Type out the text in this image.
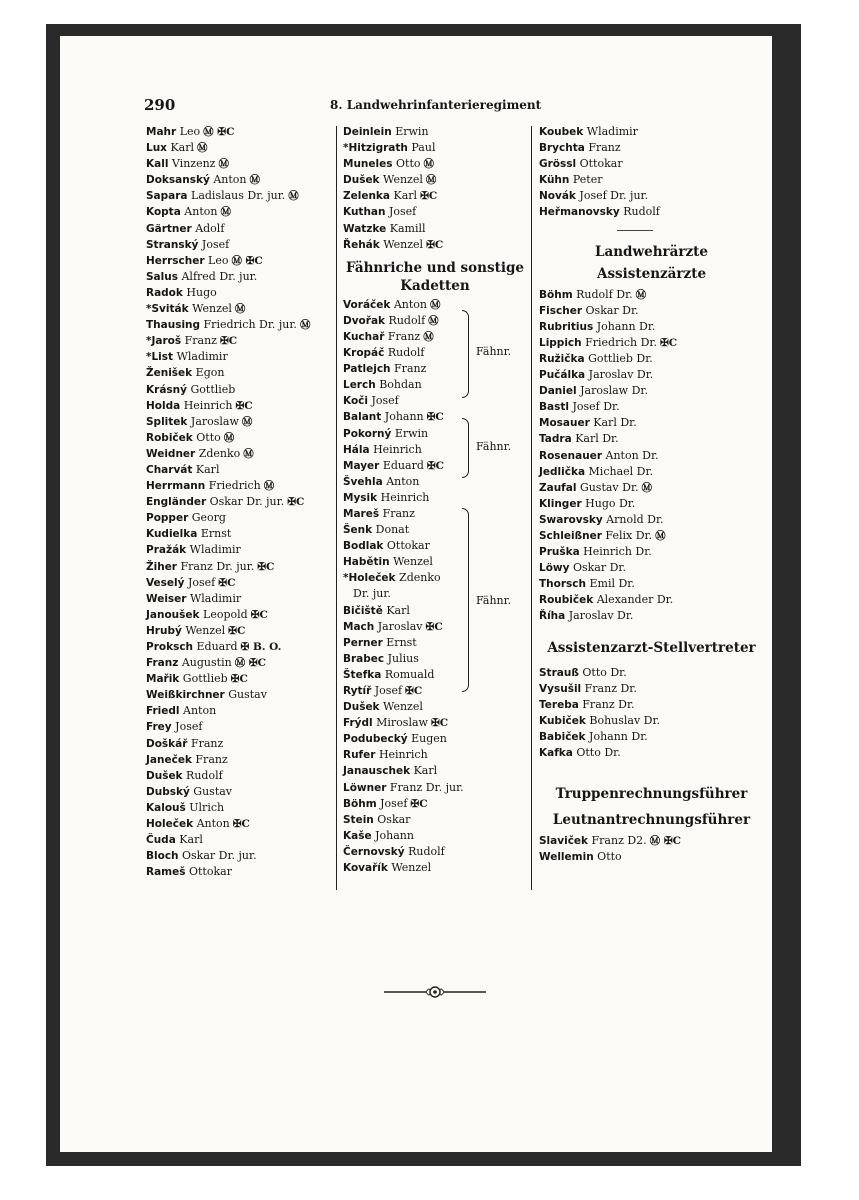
290	8. Landwehrinfanterieregiment
Mahr Leo Ⓜ ✠C
Lux Karl Ⓜ
Kall Vinzenz Ⓜ
Doksanský Anton Ⓜ
Sapara Ladislaus Dr. jur. Ⓜ
Kopta Anton Ⓜ
Gärtner Adolf
Stranský Josef
Herrscher Leo Ⓜ ✠C
Salus Alfred Dr. jur.
Radok Hugo
*Sviták Wenzel Ⓜ
Thausing Friedrich Dr. jur. Ⓜ
*Jaroš Franz ✠C
*List Wladimir
Ženišek Egon
Krásný Gottlieb
Holda Heinrich ✠C
Splitek Jaroslaw Ⓜ
Robiček Otto Ⓜ
Weidner Zdenko Ⓜ
Charvát Karl
Herrmann Friedrich Ⓜ
Engländer Oskar Dr. jur. ✠C
Popper Georg
Kudielka Ernst
Pražák Wladimir
Žiher Franz Dr. jur. ✠C
Veselý Josef ✠C
Weiser Wladimir
Janoušek Leopold ✠C
Hrubý Wenzel ✠C
Proksch Eduard ✠ B. O.
Franz Augustin Ⓜ ✠C
Mařik Gottlieb ✠C
Weißkirchner Gustav
Friedl Anton
Frey Josef
Doškář Franz
Janeček Franz
Dušek Rudolf
Dubský Gustav
Kalouš Ulrich
Holeček Anton ✠C
Čuda Karl
Bloch Oskar Dr. jur.
Rameš Ottokar
Deinlein Erwin
*Hitzigrath Paul
Muneles Otto Ⓜ
Dušek Wenzel Ⓜ
Zelenka Karl ✠C
Kuthan Josef
Watzke Kamill
Řehák Wenzel ✠C
Fähnriche und sonstige Kadetten
Voráček Anton Ⓜ
Dvořak Rudolf Ⓜ
Kuchař Franz Ⓜ
Kropáč Rudolf
Patlejch Franz
Lerch Bohdan
Koči Josef
Balant Johann ✠C
Pokorný Erwin
Hála Heinrich
Mayer Eduard ✠C
Švehla Anton
Mysik Heinrich
Mareš Franz
Šenk Donat
Bodlak Ottokar
Habětin Wenzel
*Holeček Zdenko
Dr. jur.
Bičiště Karl
Mach Jaroslav ✠C
Perner Ernst
Brabec Julius
Štefka Romuald
Rytíř Josef ✠C
Dušek Wenzel
Frýdl Miroslaw ✠C
Podubecký Eugen
Rufer Heinrich
Janauschek Karl
Löwner Franz Dr. jur.
Böhm Josef ✠C
Stein Oskar
Kaše Johann
Černovský Rudolf
Kovařík Wenzel
Fähnr.
Fähnr.
Fähnr.
Koubek Wladimir
Brychta Franz
Grössl Ottokar
Kühn Peter
Novák Josef Dr. jur.
Heřmanovsky Rudolf
Landwehrärzte
Assistenzärzte
Böhm Rudolf Dr. Ⓜ
Fischer Oskar Dr.
Rubritius Johann Dr.
Lippich Friedrich Dr. ✠C
Ružička Gottlieb Dr.
Pučálka Jaroslav Dr.
Daniel Jaroslaw Dr.
Bastl Josef Dr.
Mosauer Karl Dr.
Tadra Karl Dr.
Rosenauer Anton Dr.
Jedlička Michael Dr.
Zaufal Gustav Dr. Ⓜ
Klinger Hugo Dr.
Swarovsky Arnold Dr.
Schleißner Felix Dr. Ⓜ
Pruška Heinrich Dr.
Löwy Oskar Dr.
Thorsch Emil Dr.
Roubiček Alexander Dr.
Říha Jaroslav Dr.
Assistenzarzt-Stellvertreter
Strauß Otto Dr.
Vysušil Franz Dr.
Tereba Franz Dr.
Kubiček Bohuslav Dr.
Babiček Johann Dr.
Kafka Otto Dr.
Truppenrechnungsführer
Leutnantrechnungsführer
Slaviček Franz D2. Ⓜ ✠C
Wellemin Otto
